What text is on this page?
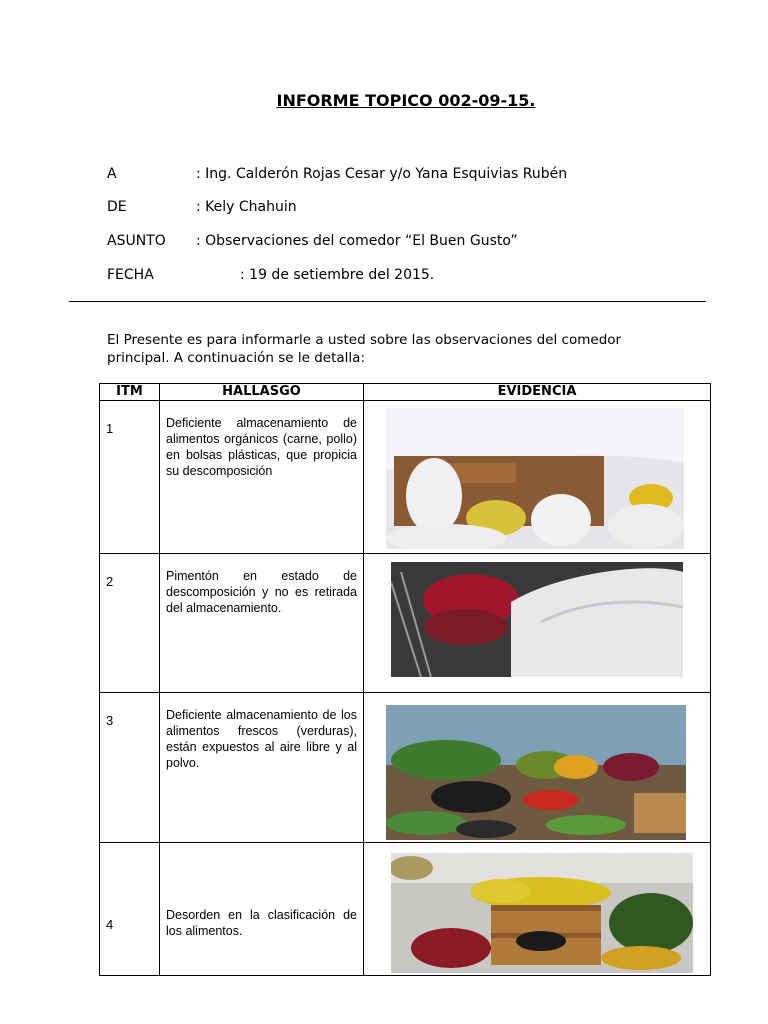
INFORME TOPICO 002-09-15.
A	: Ing. Calderón Rojas Cesar y/o Yana Esquivias Rubén
DE	: Kely Chahuin
ASUNTO : Observaciones del comedor “El Buen Gusto”
FECHA	: 19 de setiembre del 2015.
El Presente es para informarle a usted sobre las observaciones del comedor principal. A continuación se le detalla:
ITM	HALLASGO	EVIDENCIA
1	Deficiente almacenamiento de alimentos orgánicos (carne, pollo) en bolsas plásticas, que propicia su descomposición	

2	Pimentón en estado de descomposición y no es retirada del almacenamiento.	

3	Deficiente almacenamiento de los alimentos frescos (verduras), están expuestos al aire libre y al polvo.	

4	Desorden en la clasificación de los alimentos.	
